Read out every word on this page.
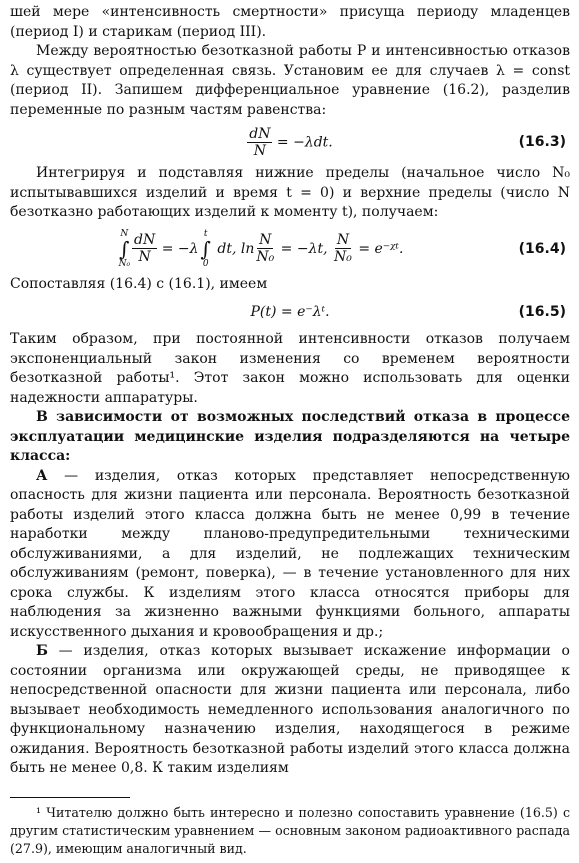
шей мере «интенсивность смертности» присуща периоду младенцев (период I) и старикам (период III).

Между вероятностью безотказной работы P и интенсивностью отказов λ существует определенная связь. Установим ее для случаев λ = const (период II). Запишем дифференциальное уравнение (16.2), разделив переменные по разным частям равенства:

$\frac{dN}{N} = -\lambda dt$.	(16.3)

Интегрируя и подставляя нижние пределы (начальное число N₀ испытывавшихся изделий и время t = 0) и верхние пределы (число N безотказно работающих изделий к моменту t), получаем:

N
∫
$N_0 \frac{dN}{N} = -\lambda$
t
∫
0
dt, $\ln \frac{N}{\text{N₀}} = -\lambda t$, $\frac{N}{\text{N₀}}$ = e⁻ᵡᵗ.	(16.4)

Сопоставляя (16.4) с (16.1), имеем

P(t) = e⁻λᵗ.	(16.5)

Таким образом, при постоянной интенсивности отказов получаем экспоненциальный закон изменения со временем вероятности безотказной работы¹. Этот закон можно использовать для оценки надежности аппаратуры.

В зависимости от возможных последствий отказа в процессе эксплуатации медицинские изделия подразделяются на четыре класса:

А — изделия, отказ которых представляет непосредственную опасность для жизни пациента или персонала. Вероятность безотказной работы изделий этого класса должна быть не менее 0,99 в течение наработки между планово-предупредительными техническими обслуживаниями, а для изделий, не подлежащих техническим обслуживаниям (ремонт, поверка), — в течение установленного для них срока службы. К изделиям этого класса относятся приборы для наблюдения за жизненно важными функциями больного, аппараты искусственного дыхания и кровообращения и др.;

Б — изделия, отказ которых вызывает искажение информации о состоянии организма или окружающей среды, не приводящее к непосредственной опасности для жизни пациента или персонала, либо вызывает необходимость немедленного использования аналогичного по функциональному назначению изделия, находящегося в режиме ожидания. Вероятность безотказной работы изделий этого класса должна быть не менее 0,8. К таким изделиям

¹ Читателю должно быть интересно и полезно сопоставить уравнение (16.5) с другим статистическим уравнением — основным законом радиоактивного распада (27.9), имеющим аналогичный вид.
